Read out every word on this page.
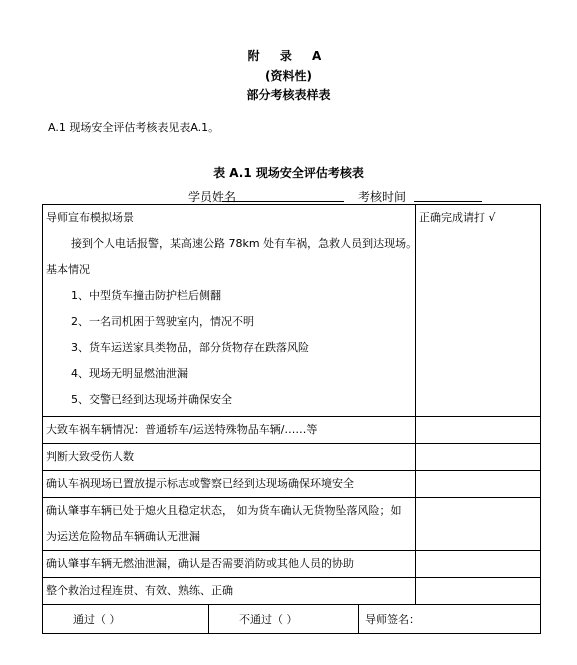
附 录 A
(资料性)
部分考核表样表
A.1 现场安全评估考核表见表A.1。
表 A.1 现场安全评估考核表
学员姓名	考核时间
导师宣布模拟场景
接到个人电话报警，某高速公路 78km 处有车祸，急救人员到达现场。
基本情况
1、中型货车撞击防护栏后侧翻
2、一名司机困于驾驶室内，情况不明
3、货车运送家具类物品，部分货物存在跌落风险
4、现场无明显燃油泄漏
5、交警已经到达现场并确保安全

正确完成请打 √

大致车祸车辆情况：普通轿车/运送特殊物品车辆/……等	
判断大致受伤人数	
确认车祸现场已置放提示标志或警察已经到达现场确保环境安全	
确认肇事车辆已处于熄火且稳定状态， 如为货车确认无货物坠落风险；如为运送危险物品车辆确认无泄漏	
确认肇事车辆无燃油泄漏，确认是否需要消防或其他人员的协助	
整个救治过程连贯、有效、熟练、正确	

通过（ ）	不通过（ ）	导师签名：
